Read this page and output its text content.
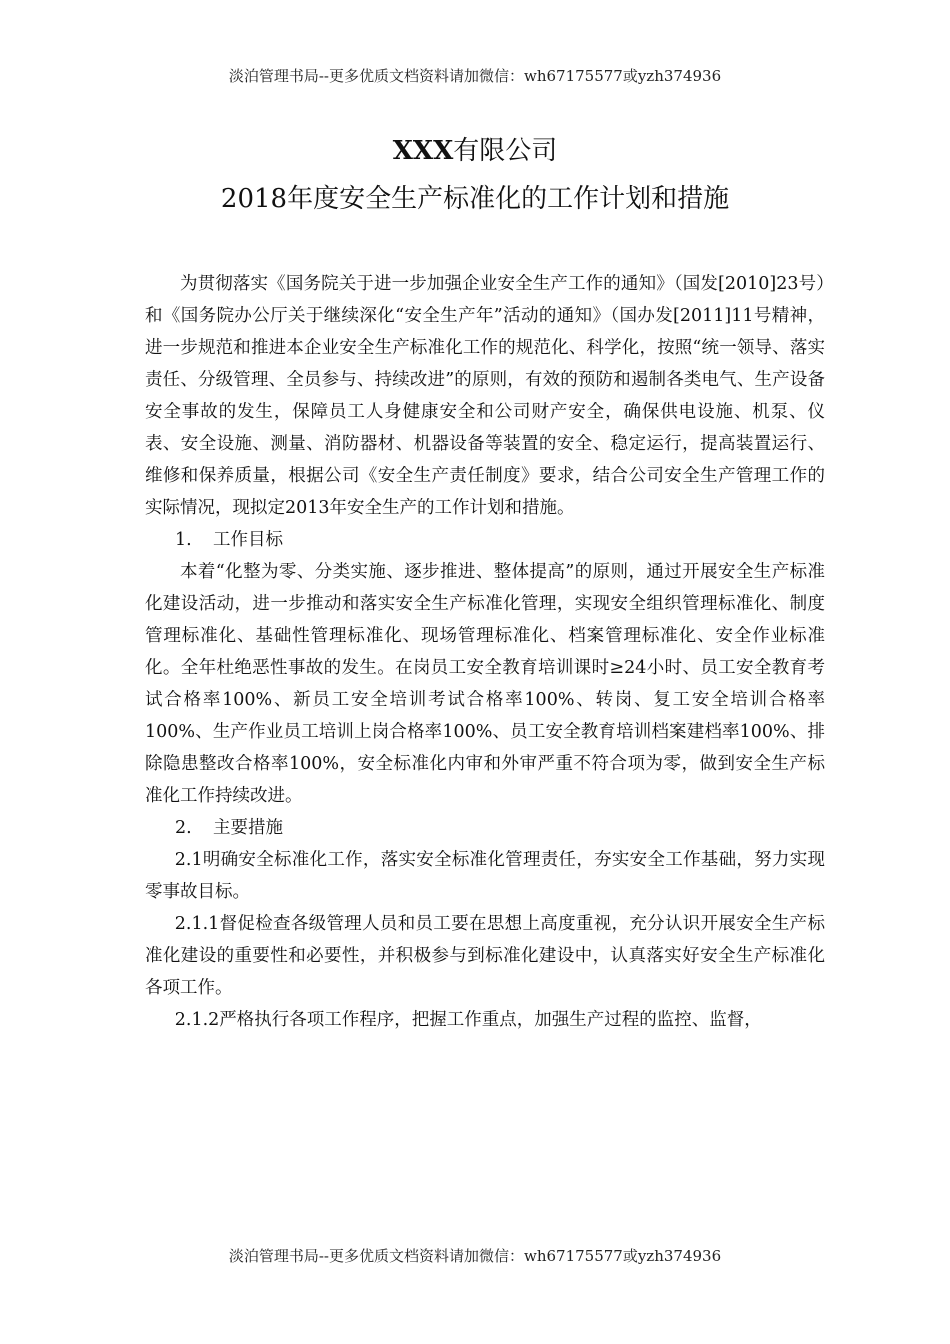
淡泊管理书局--更多优质文档资料请加微信：wh67175577或yzh374936
XXX有限公司
2018年度安全生产标准化的工作计划和措施

为贯彻落实《国务院关于进一步加强企业安全生产工作的通知》（国发[2010]23号）和《国务院办公厅关于继续深化“安全生产年”活动的通知》（国办发[2011]11号精神，进一步规范和推进本企业安全生产标准化工作的规范化、科学化，按照“统一领导、落实责任、分级管理、全员参与、持续改进”的原则，有效的预防和遏制各类电气、生产设备安全事故的发生，保障员工人身健康安全和公司财产安全，确保供电设施、机泵、仪表、安全设施、测量、消防器材、机器设备等装置的安全、稳定运行，提高装置运行、维修和保养质量，根据公司《安全生产责任制度》要求，结合公司安全生产管理工作的实际情况，现拟定2013年安全生产的工作计划和措施。

1. 工作目标

本着“化整为零、分类实施、逐步推进、整体提高”的原则，通过开展安全生产标准化建设活动，进一步推动和落实安全生产标准化管理，实现安全组织管理标准化、制度管理标准化、基础性管理标准化、现场管理标准化、档案管理标准化、安全作业标准化。全年杜绝恶性事故的发生。在岗员工安全教育培训课时≥24小时、员工安全教育考试合格率100%、新员工安全培训考试合格率100%、转岗、复工安全培训合格率100%、生产作业员工培训上岗合格率100%、员工安全教育培训档案建档率100%、排除隐患整改合格率100%，安全标准化内审和外审严重不符合项为零，做到安全生产标准化工作持续改进。

2. 主要措施

2.1明确安全标准化工作，落实安全标准化管理责任，夯实安全工作基础，努力实现零事故目标。

2.1.1督促检查各级管理人员和员工要在思想上高度重视，充分认识开展安全生产标准化建设的重要性和必要性，并积极参与到标准化建设中，认真落实好安全生产标准化各项工作。

2.1.2严格执行各项工作程序，把握工作重点，加强生产过程的监控、监督，

淡泊管理书局--更多优质文档资料请加微信：wh67175577或yzh374936
